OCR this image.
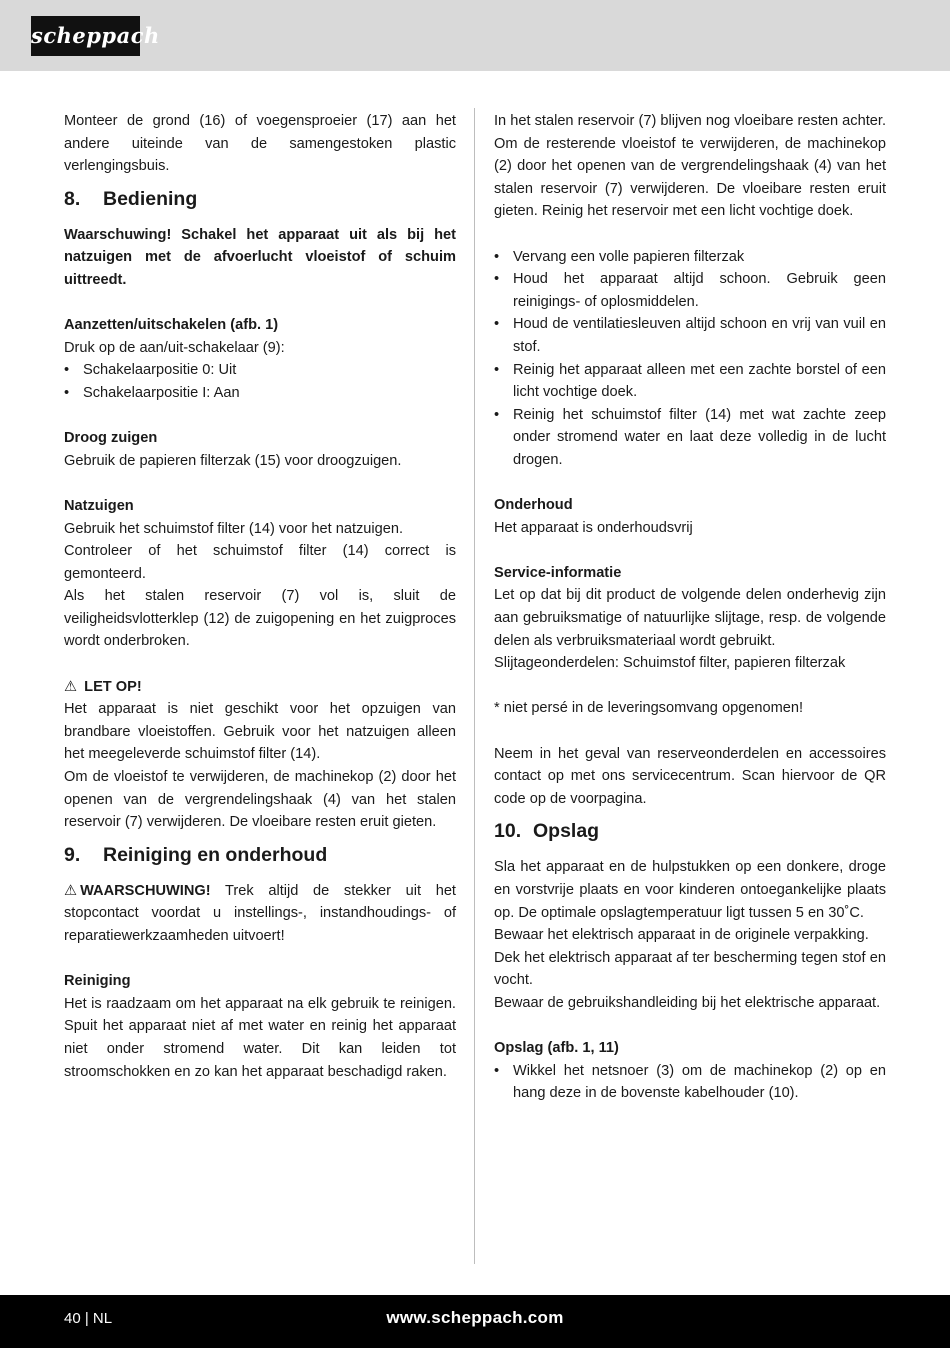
scheppach

Monteer de grond (16) of voegensproeier (17) aan het andere uiteinde van de samengestoken plastic verlengingsbuis.

8.	Bediening

Waarschuwing! Schakel het apparaat uit als bij het natzuigen met de afvoerlucht vloeistof of schuim uittreedt.

Aanzetten/uitschakelen (afb. 1)

Druk op de aan/uit-schakelaar (9):

• Schakelaarpositie 0: Uit
• Schakelaarpositie I: Aan

Droog zuigen

Gebruik de papieren filterzak (15) voor droogzuigen.

Natzuigen

Gebruik het schuimstof filter (14) voor het natzuigen.

Controleer of het schuimstof filter (14) correct is gemonteerd.

Als het stalen reservoir (7) vol is, sluit de veiligheidsvlotterklep (12) de zuigopening en het zuigproces wordt onderbroken.

⚠ LET OP!

Het apparaat is niet geschikt voor het opzuigen van brandbare vloeistoffen. Gebruik voor het natzuigen alleen het meegeleverde schuimstof filter (14).

Om de vloeistof te verwijderen, de machinekop (2) door het openen van de vergrendelingshaak (4) van het stalen reservoir (7) verwijderen. De vloeibare resten eruit gieten.

9.	Reiniging en onderhoud

⚠ WAARSCHUWING! Trek altijd de stekker uit het stopcontact voordat u instellings-, instandhoudings- of reparatiewerkzaamheden uitvoert!

Reiniging

Het is raadzaam om het apparaat na elk gebruik te reinigen. Spuit het apparaat niet af met water en reinig het apparaat niet onder stromend water. Dit kan leiden tot stroomschokken en zo kan het apparaat beschadigd raken.

In het stalen reservoir (7) blijven nog vloeibare resten achter. Om de resterende vloeistof te verwijderen, de machinekop (2) door het openen van de vergrendelingshaak (4) van het stalen reservoir (7) verwijderen. De vloeibare resten eruit gieten. Reinig het reservoir met een licht vochtige doek.

• Vervang een volle papieren filterzak
• Houd het apparaat altijd schoon. Gebruik geen reinigings- of oplosmiddelen.
• Houd de ventilatiesleuven altijd schoon en vrij van vuil en stof.
• Reinig het apparaat alleen met een zachte borstel of een licht vochtige doek.
• Reinig het schuimstof filter (14) met wat zachte zeep onder stromend water en laat deze volledig in de lucht drogen.

Onderhoud

Het apparaat is onderhoudsvrij

Service-informatie

Let op dat bij dit product de volgende delen onderhevig zijn aan gebruiksmatige of natuurlijke slijtage, resp. de volgende delen als verbruiksmateriaal wordt gebruikt.

Slijtageonderdelen: Schuimstof filter, papieren filterzak

* niet persé in de leveringsomvang opgenomen!

Neem in het geval van reserveonderdelen en accessoires contact op met ons servicecentrum. Scan hiervoor de QR code op de voorpagina.

10. Opslag

Sla het apparaat en de hulpstukken op een donkere, droge en vorstvrije plaats en voor kinderen ontoegankelijke plaats op. De optimale opslagtemperatuur ligt tussen 5 en 30˚C.

Bewaar het elektrisch apparaat in de originele verpakking.

Dek het elektrisch apparaat af ter bescherming tegen stof en vocht.

Bewaar de gebruikshandleiding bij het elektrische apparaat.

Opslag (afb. 1, 11)

• Wikkel het netsnoer (3) om de machinekop (2) op en hang deze in de bovenste kabelhouder (10).
40 | NL	www.scheppach.com
